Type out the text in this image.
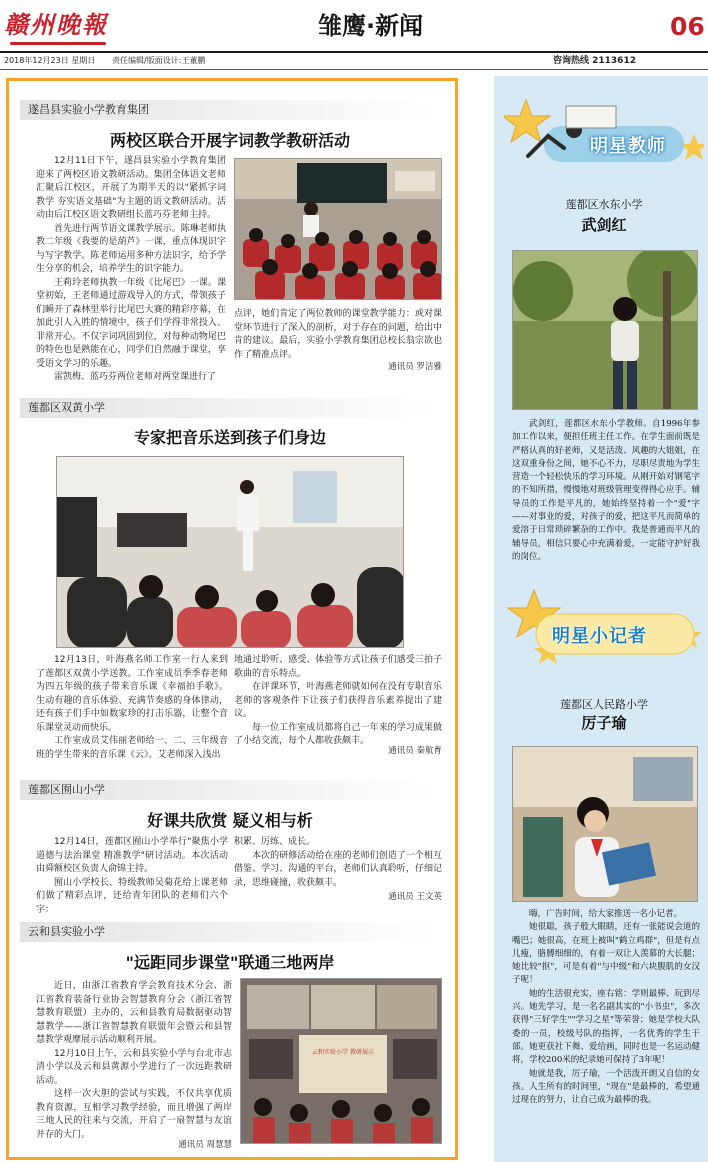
赣州晚報	雏鹰·新闻	06
2018年12月23日 星期日 责任编辑/版面设计:王董鹏	咨询热线 2113612
遂昌县实验小学教育集团
两校区联合开展字词教学教研活动

12月11日下午，遂昌县实验小学教育集团迎来了两校区语文教研活动。集团全体语文老师汇聚后江校区，开展了为期半天的以"紧抓字词教学 夯实语文基础"为主题的语文教研活动。活动由后江校区语文教研组长蓝巧芬老师主持。

首先进行两节语文课教学展示。陈琳老师执教二年级《我要的是葫芦》一课，重点体现识字与写字教学。陈老师运用多种方法识字，给予学生分享的机会，培养学生的识字能力。

王莉玲老师执教一年级《比尾巴》一课。课堂初始，王老师通过游戏导入的方式，带领孩子们瞬开了森林里举行比尾巴大赛的精彩序幕，在加此引人入胜的情境中，孩子们学得非常投入、非常开心。不仅字词巩固到位，对每种动物尾巴的特色也是熟能在心，同学们自然融于课堂，享受语文学习的乐趣。

雷凯梅、蓝巧芬两位老师对两堂课进行了

点评，她们肯定了两位教师的课堂教学能力：或对课堂环节进行了深入的剖析，对于存在的问题，给出中肯的建议。最后，实验小学教育集团总校长翁宗欲也作了精准点评。

通讯员 罗洁雅
莲都区双黄小学
专家把音乐送到孩子们身边

12月13日，叶海燕名师工作室一行人来到了莲都区双黄小学送教。工作室成员季季春老师为四五年级的孩子带来音乐课《幸福拍手歌》。生动有趣的音乐体验、充满节奏感的身体律动，还有孩子们手中如数家珍的打击乐器，让整个音乐课堂灵动而快乐。

工作室成员艾伟丽老师给一、二、三年级音班的学生带来的音乐课《云》。艾老师深入浅出

地通过聆听、感受、体验等方式让孩子们感受三拍子歌曲的音乐特点。

在评课环节，叶海燕老师就如何在没有专职音乐老师的客观条件下让孩子们获得音乐素养提出了建议。

每一位工作室成员都将自己一年来的学习成果做了小结交流，每个人都收获颇丰。

通讯员 秦航育
莲都区囿山小学
好课共欣赏 疑义相与析

12月14日，莲都区囿山小学举行"聚焦小学道德与法治课堂 精准教学"研讨活动。本次活动由舜额校区负责人俞锦主持。

囿山小学校长、特级教师吴菊花给上课老师们做了精彩点评，还给青年团队的老师们六个字：

积累、厉练、成长。

本次的研修活动给在座的老师们创造了一个相互借鉴、学习、沟通的平台，老师们认真聆听，仔细记录，思维碰撞，收获颇丰。

通讯员 王文英
云和县实验小学
"远距同步课堂"联通三地两岸

近日，由浙江省教育学会教育技术分会、浙江省教育装备行业协会智慧教育分会（浙江省智慧教育联盟）主办的，云和县教育局数据驱动智慧教学——浙江省智慧教育联盟年会暨云和县智慧教学观摩展示活动顺利开展。

12月10日上午，云和县实验小学与台北市志清小学以及云和县黄源小学进行了一次远距教研活动。

这样一次大胆的尝试与实践，不仅共享优质教育资源，互相学习教学经验，而且增强了两岸三地人民的往来与交流，开启了一扇智慧与友谊并存的大门。

通讯员 周慧慧
云和实验小学 教研展示
明星教师
莲都区水东小学
武剑红
武剑红，莲都区水东小学教师。自1996年参加工作以来，便担任班主任工作。在学生面前既是严格认真的好老师，又是活泼、风趣的大姐姐，在这双重身份之间，她不心不力，尽职尽责地为学生营造一个轻松快乐的学习环境。从刚开始对钢笔字的不知所措，慢慢地对班级管理变得得心应手。辅导员的工作是平凡的，她始终坚持着一个"爱"字——对事业的爱，对孩子的爱，把这平凡而简单的爱溶于日常琐碎繁杂的工作中。我是普通而平凡的辅导员，相信只要心中充满着爱，一定能守护好我的岗位。
明星小记者
莲都区人民路小学
厉子瑜

嗨，广告时间，给大家推送一名小记者。

她很聪，孩子般大眼睛，还有一张能说会道的嘴巴；她很高，在班上被叫"鹤立鸡群"，但是有点儿瘦，胳膊细细的，有着一双让人羡慕的大长腿；她比较"抠"，可是有着"与中级"和六块腹肌的女汉子呢！

她的生活很充实，座右铭：学则最棒、玩到尽兴。她先学习，是一名名副其实的"小书虫"，多次获得"三好学生""学习之星"等荣誉；她是学校大队委的一员，校级号队的指挥，一名优秀的学生干部。她更获社下舞、爱给画，同时也是一名运动健将，学校200米的纪录她可保持了3年呢！

她就是我，厉子瑜，一个活泼开朗又自信的女孩。人生所有的时间里，"现在"是最棒的，希望通过现在的努力，让自己成为最棒的我。
